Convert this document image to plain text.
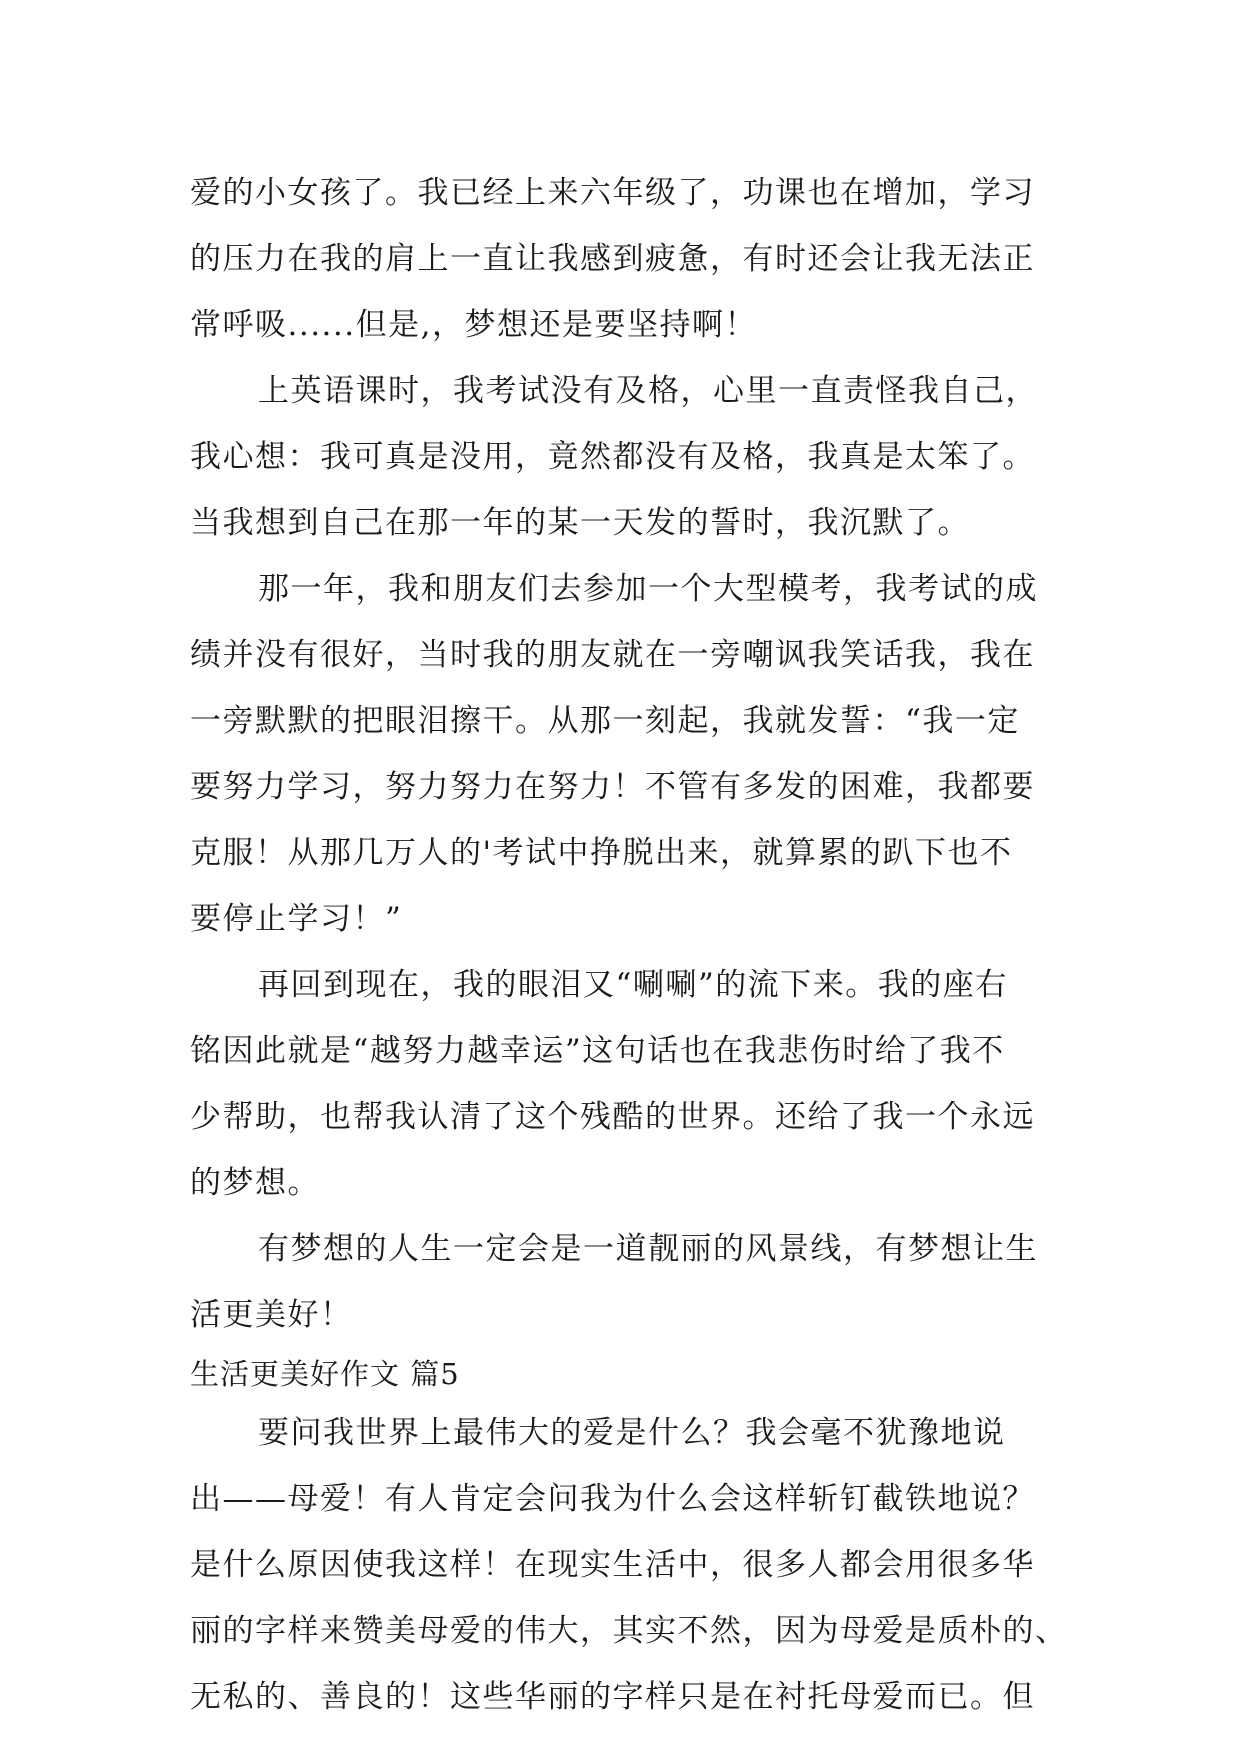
爱的小女孩了。我已经上来六年级了，功课也在增加，学习
的压力在我的肩上一直让我感到疲惫，有时还会让我无法正
常呼吸......但是,，梦想还是要坚持啊！
上英语课时，我考试没有及格，心里一直责怪我自己，
我心想：我可真是没用，竟然都没有及格，我真是太笨了。
当我想到自己在那一年的某一天发的誓时，我沉默了。
那一年，我和朋友们去参加一个大型模考，我考试的成
绩并没有很好，当时我的朋友就在一旁嘲讽我笑话我，我在
一旁默默的把眼泪擦干。从那一刻起，我就发誓：“我一定
要努力学习，努力努力在努力！不管有多发的困难，我都要
克服！从那几万人的'考试中挣脱出来，就算累的趴下也不
要停止学习！”
再回到现在，我的眼泪又“唰唰”的流下来。我的座右
铭因此就是“越努力越幸运”这句话也在我悲伤时给了我不
少帮助，也帮我认清了这个残酷的世界。还给了我一个永远
的梦想。
有梦想的人生一定会是一道靓丽的风景线，有梦想让生
活更美好！
生活更美好作文 篇5
要问我世界上最伟大的爱是什么？我会毫不犹豫地说
出——母爱！有人肯定会问我为什么会这样斩钉截铁地说？
是什么原因使我这样！在现实生活中，很多人都会用很多华
丽的字样来赞美母爱的伟大，其实不然，因为母爱是质朴的、
无私的、善良的！这些华丽的字样只是在衬托母爱而已。但
